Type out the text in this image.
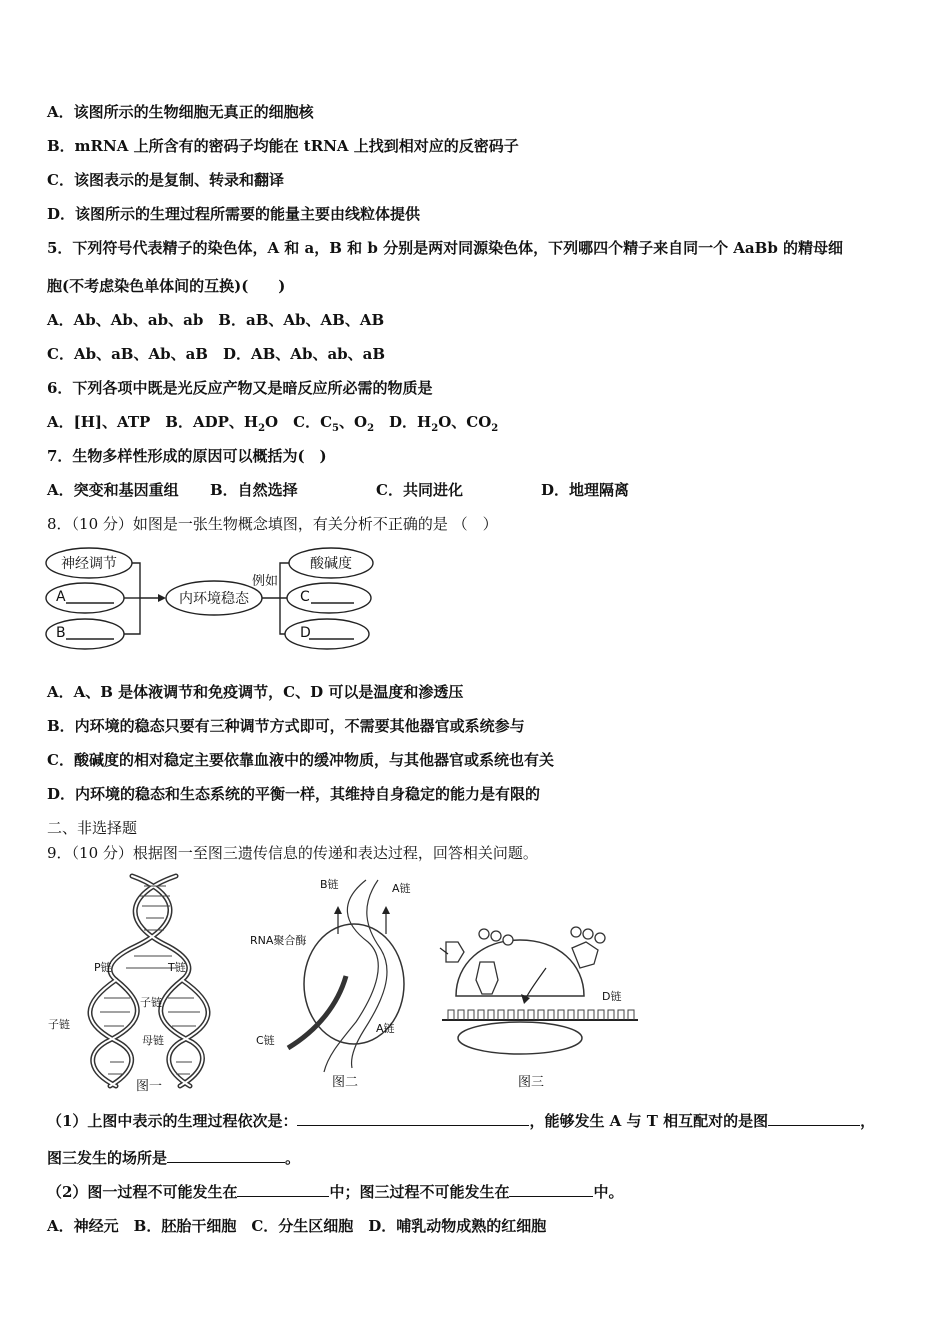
A．该图所示的生物细胞无真正的细胞核
B．mRNA 上所含有的密码子均能在 tRNA 上找到相对应的反密码子
C．该图表示的是复制、转录和翻译
D．该图所示的生理过程所需要的能量主要由线粒体提供
5．下列符号代表精子的染色体，A 和 a，B 和 b 分别是两对同源染色体，下列哪四个精子来自同一个 AaBb 的精母细
胞(不考虑染色单体间的互换)(　　)
A．Ab、Ab、ab、ab　B．aB、Ab、AB、AB
C．Ab、aB、Ab、aB　D．AB、Ab、ab、aB
6．下列各项中既是光反应产物又是暗反应所必需的物质是
A．[H]、ATP　 B．ADP、$H_2O$　 C．$C_5$、$O_2$　 D．$H_2O$、$CO_2$
7．生物多样性形成的原因可以概括为(　)
A．突变和基因重组 B．自然选择	C．共同进化	D．地理隔离
8．（10 分）如图是一张生物概念填图，有关分析不正确的是 （　）
神经调节
A
B
内环境稳态
例如
酸碱度
C
D
A．A、B 是体液调节和免疫调节，C、D 可以是温度和渗透压
B．内环境的稳态只要有三种调节方式即可，不需要其他器官或系统参与
C．酸碱度的相对稳定主要依靠血液中的缓冲物质，与其他器官或系统也有关
D．内环境的稳态和生态系统的平衡一样，其维持自身稳定的能力是有限的
二、非选择题
9．（10 分）根据图一至图三遗传信息的传递和表达过程，回答相关问题。
P链	T链
子链
子链
母链
图一
B链	A链
RNA聚合酶
C链
A链
图二
D链
图三
（1）上图中表示的生理过程依次是：	，能够发生 A 与 T 相互配对的是图	，
图三发生的场所是	。
（2）图一过程不可能发生在	中；图三过程不可能发生在	中。
A．神经元　B．胚胎干细胞　C．分生区细胞　D．哺乳动物成熟的红细胞
